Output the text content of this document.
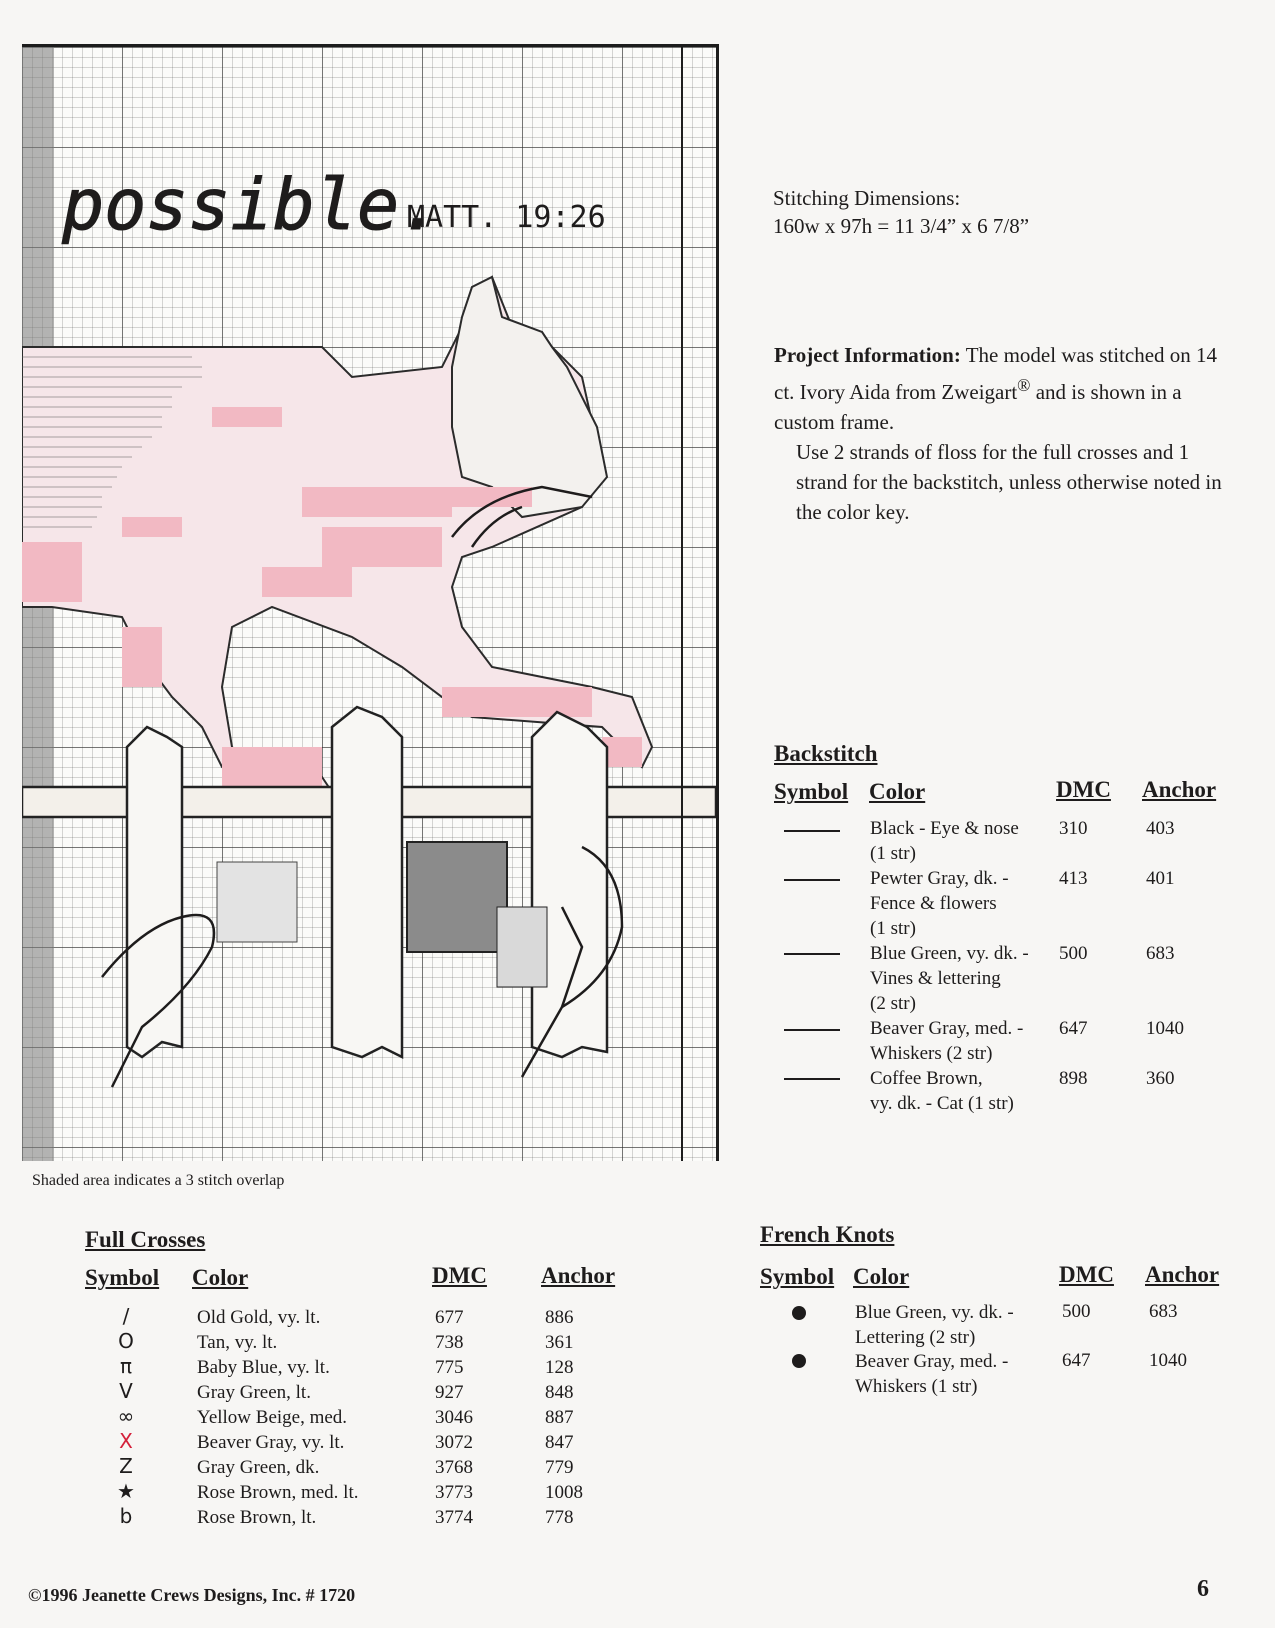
possible.
MATT. 19:26
Shaded area indicates a 3 stitch overlap
Stitching Dimensions:
160w x 97h = 11 3/4” x 6 7/8”
Project Information: The model was stitched on 14 ct. Ivory Aida from Zweigart® and is shown in a custom frame.
Use 2 strands of floss for the full crosses and 1 strand for the backstitch, unless otherwise noted in the color key.
Backstitch
Symbol Color	DMC Anchor
Black - Eye & nose
(1 str)
310	403
Pewter Gray, dk. -
Fence & flowers
(1 str)
413	401
Blue Green, vy. dk. -
Vines & lettering
(2 str)
500	683
Beaver Gray, med. -
Whiskers (2 str)
647	1040
Coffee Brown,
vy. dk. - Cat (1 str)
898	360
Full Crosses
Symbol Color	DMC Anchor
/	Old Gold, vy. lt.	677	886
O	Tan, vy. lt.	738	361
π	Baby Blue, vy. lt.	775	128
V	Gray Green, lt.	927	848
∞	Yellow Beige, med.	3046	887
X	Beaver Gray, vy. lt.	3072	847
Z	Gray Green, dk.	3768	779
★	Rose Brown, med. lt.	3773	1008
b	Rose Brown, lt.	3774	778
French Knots
Symbol Color	DMC Anchor
Blue Green, vy. dk. -
Lettering (2 str)
500	683
Beaver Gray, med. -
Whiskers (1 str)
647	1040
©1996 Jeanette Crews Designs, Inc. # 1720	6
